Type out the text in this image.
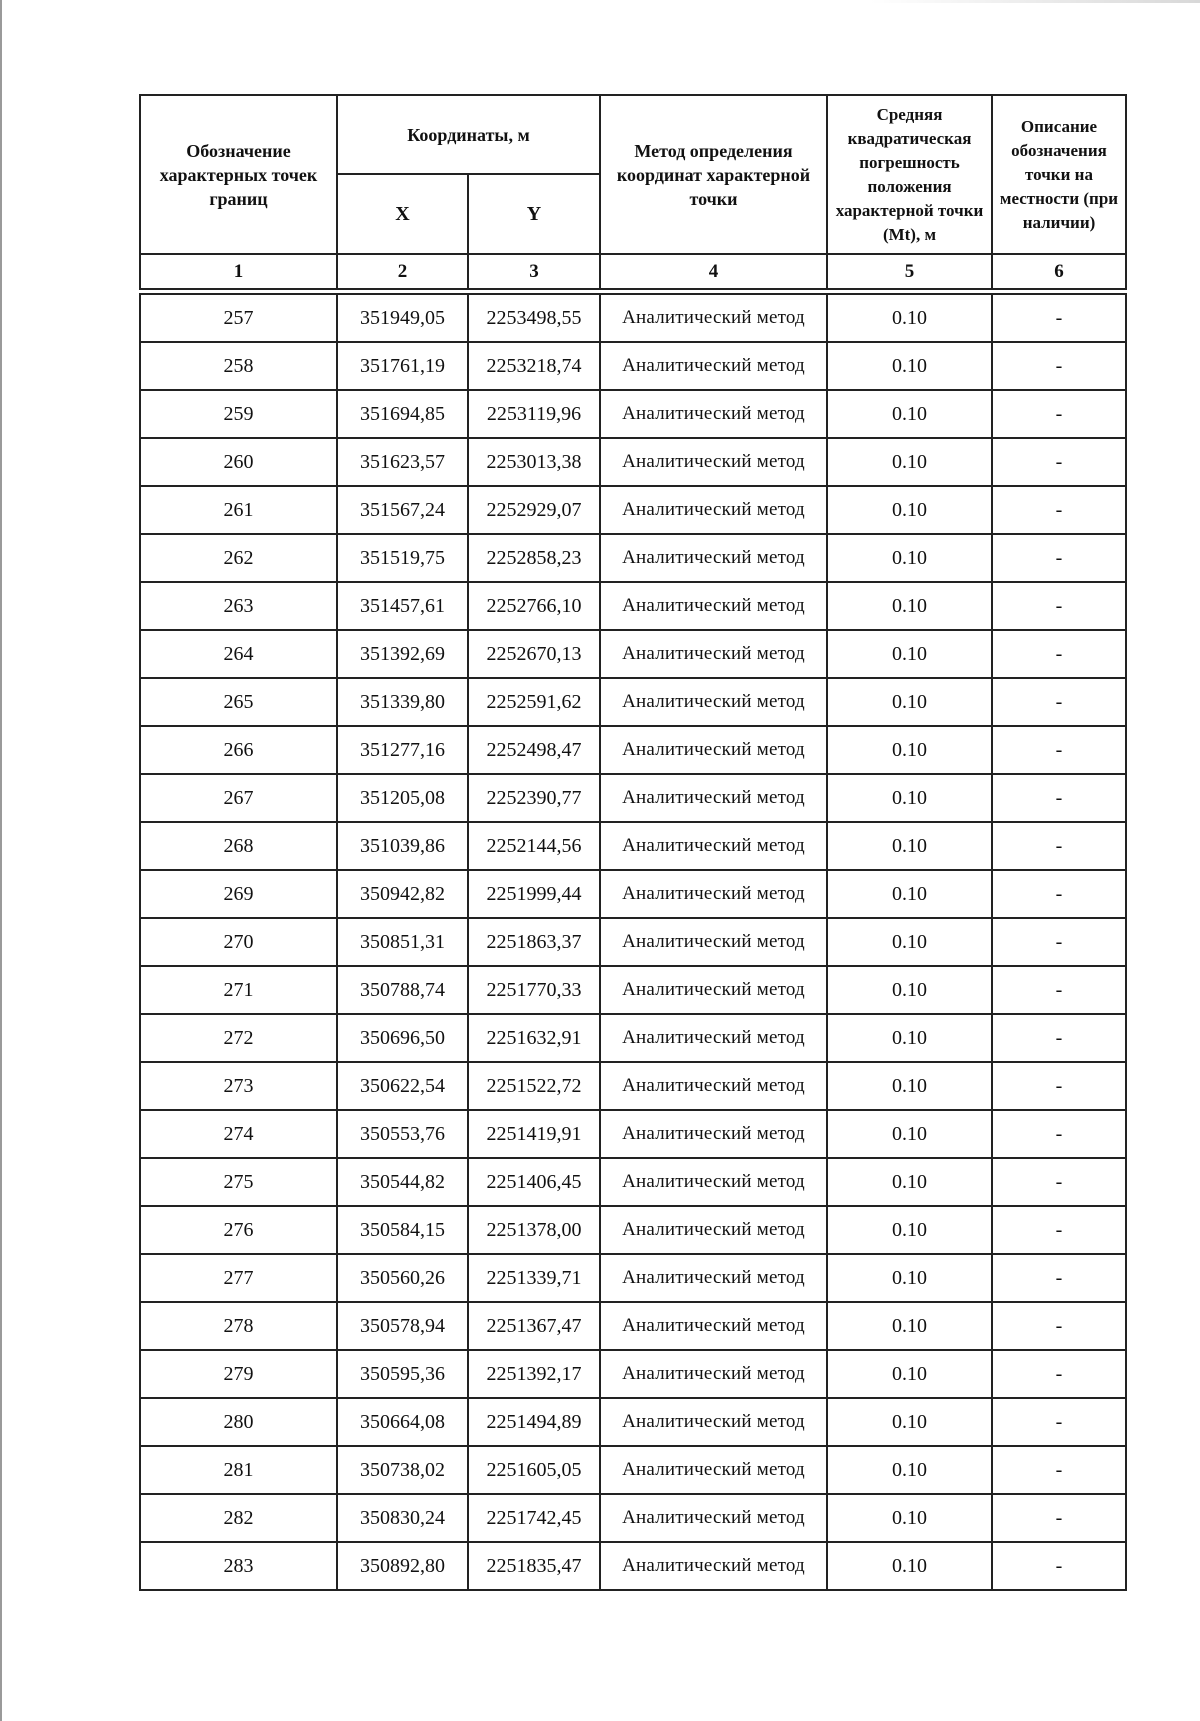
Обозначение характерных точек границ	Координаты, м		Метод определения координат характерной точки	Средняя квадратическая погрешность положения характерной точки (Mt), м	Описание обозначения точки на местности (при наличии)
	X	Y			
1	2	3	4	5	6

257	351949,05	2253498,55	Аналитический метод	0.10	-
258	351761,19	2253218,74	Аналитический метод	0.10	-
259	351694,85	2253119,96	Аналитический метод	0.10	-
260	351623,57	2253013,38	Аналитический метод	0.10	-
261	351567,24	2252929,07	Аналитический метод	0.10	-
262	351519,75	2252858,23	Аналитический метод	0.10	-
263	351457,61	2252766,10	Аналитический метод	0.10	-
264	351392,69	2252670,13	Аналитический метод	0.10	-
265	351339,80	2252591,62	Аналитический метод	0.10	-
266	351277,16	2252498,47	Аналитический метод	0.10	-
267	351205,08	2252390,77	Аналитический метод	0.10	-
268	351039,86	2252144,56	Аналитический метод	0.10	-
269	350942,82	2251999,44	Аналитический метод	0.10	-
270	350851,31	2251863,37	Аналитический метод	0.10	-
271	350788,74	2251770,33	Аналитический метод	0.10	-
272	350696,50	2251632,91	Аналитический метод	0.10	-
273	350622,54	2251522,72	Аналитический метод	0.10	-
274	350553,76	2251419,91	Аналитический метод	0.10	-
275	350544,82	2251406,45	Аналитический метод	0.10	-
276	350584,15	2251378,00	Аналитический метод	0.10	-
277	350560,26	2251339,71	Аналитический метод	0.10	-
278	350578,94	2251367,47	Аналитический метод	0.10	-
279	350595,36	2251392,17	Аналитический метод	0.10	-
280	350664,08	2251494,89	Аналитический метод	0.10	-
281	350738,02	2251605,05	Аналитический метод	0.10	-
282	350830,24	2251742,45	Аналитический метод	0.10	-
283	350892,80	2251835,47	Аналитический метод	0.10	-
